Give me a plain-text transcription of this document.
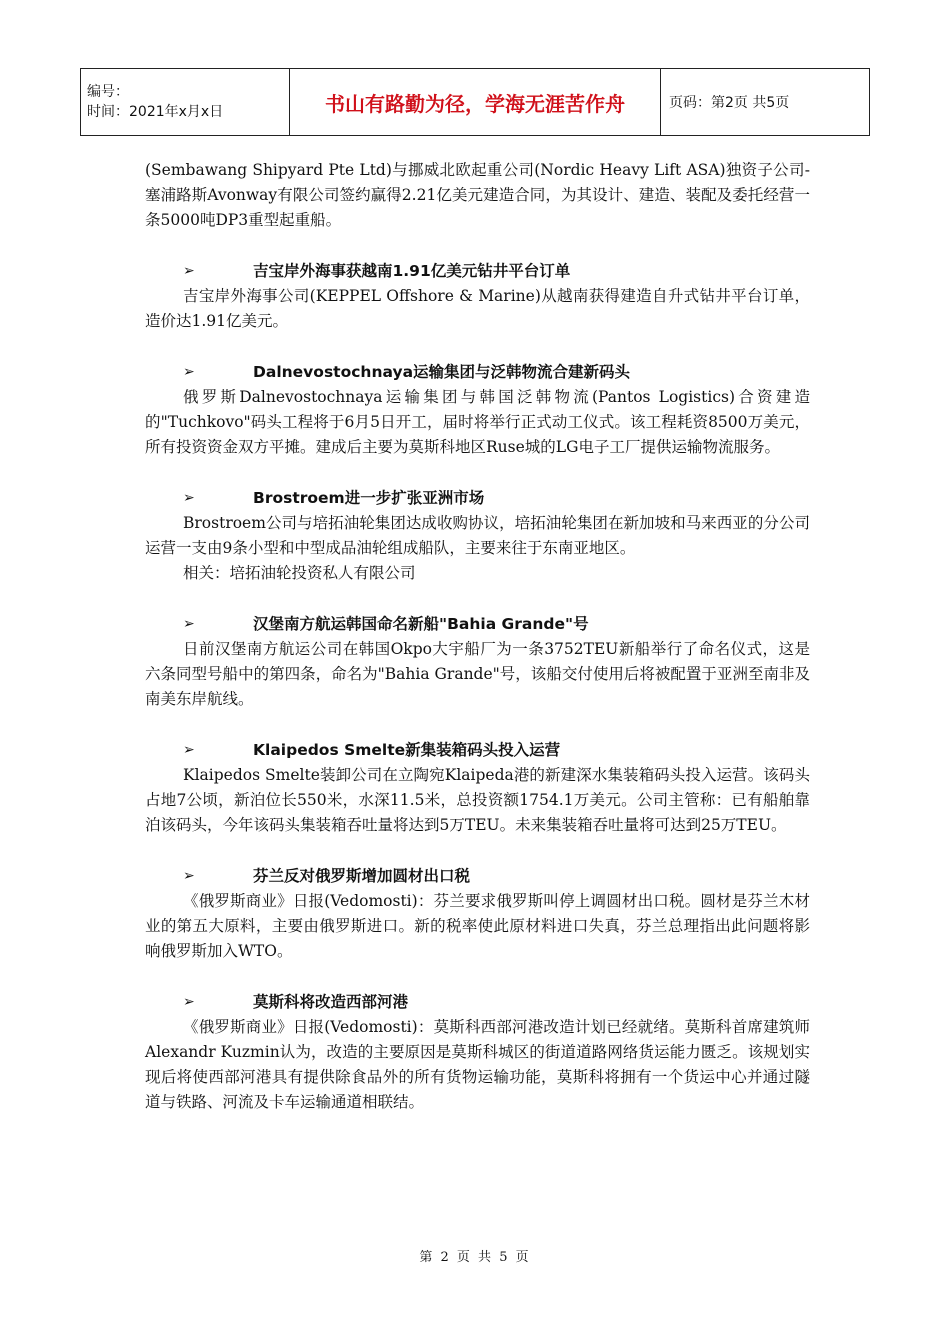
编号：
时间：2021年x月x日	书山有路勤为径，学海无涯苦作舟	页码：第2页 共5页

(Sembawang Shipyard Pte Ltd)与挪威北欧起重公司(Nordic Heavy Lift ASA)独资子公司-塞浦路斯Avonway有限公司签约赢得2.21亿美元建造合同，为其设计、建造、装配及委托经营一条5000吨DP3重型起重船。

➢	吉宝岸外海事获越南1.91亿美元钻井平台订单

吉宝岸外海事公司(KEPPEL Offshore & Marine)从越南获得建造自升式钻井平台订单，造价达1.91亿美元。

➢	Dalnevostochnaya运输集团与泛韩物流合建新码头

俄罗斯Dalnevostochnaya运输集团与韩国泛韩物流(Pantos Logistics)合资建造的"Tuchkovo"码头工程将于6月5日开工，届时将举行正式动工仪式。该工程耗资8500万美元，所有投资资金双方平摊。建成后主要为莫斯科地区Ruse城的LG电子工厂提供运输物流服务。

➢	Brostroem进一步扩张亚洲市场

Brostroem公司与培拓油轮集团达成收购协议，培拓油轮集团在新加坡和马来西亚的分公司运营一支由9条小型和中型成品油轮组成船队，主要来往于东南亚地区。

相关：培拓油轮投资私人有限公司

➢	汉堡南方航运韩国命名新船"Bahia Grande"号

日前汉堡南方航运公司在韩国Okpo大宇船厂为一条3752TEU新船举行了命名仪式，这是六条同型号船中的第四条，命名为"Bahia Grande"号，该船交付使用后将被配置于亚洲至南非及南美东岸航线。

➢	Klaipedos Smelte新集装箱码头投入运营

Klaipedos Smelte装卸公司在立陶宛Klaipeda港的新建深水集装箱码头投入运营。该码头占地7公顷，新泊位长550米，水深11.5米，总投资额1754.1万美元。公司主管称：已有船舶靠泊该码头，今年该码头集装箱吞吐量将达到5万TEU。未来集装箱吞吐量将可达到25万TEU。

➢	芬兰反对俄罗斯增加圆材出口税

《俄罗斯商业》日报(Vedomosti)：芬兰要求俄罗斯叫停上调圆材出口税。圆材是芬兰木材业的第五大原料，主要由俄罗斯进口。新的税率使此原材料进口失真，芬兰总理指出此问题将影响俄罗斯加入WTO。

➢	莫斯科将改造西部河港

《俄罗斯商业》日报(Vedomosti)：莫斯科西部河港改造计划已经就绪。莫斯科首席建筑师Alexandr Kuzmin认为，改造的主要原因是莫斯科城区的街道道路网络货运能力匮乏。该规划实现后将使西部河港具有提供除食品外的所有货物运输功能，莫斯科将拥有一个货运中心并通过隧道与铁路、河流及卡车运输通道相联结。

第 2 页 共 5 页
